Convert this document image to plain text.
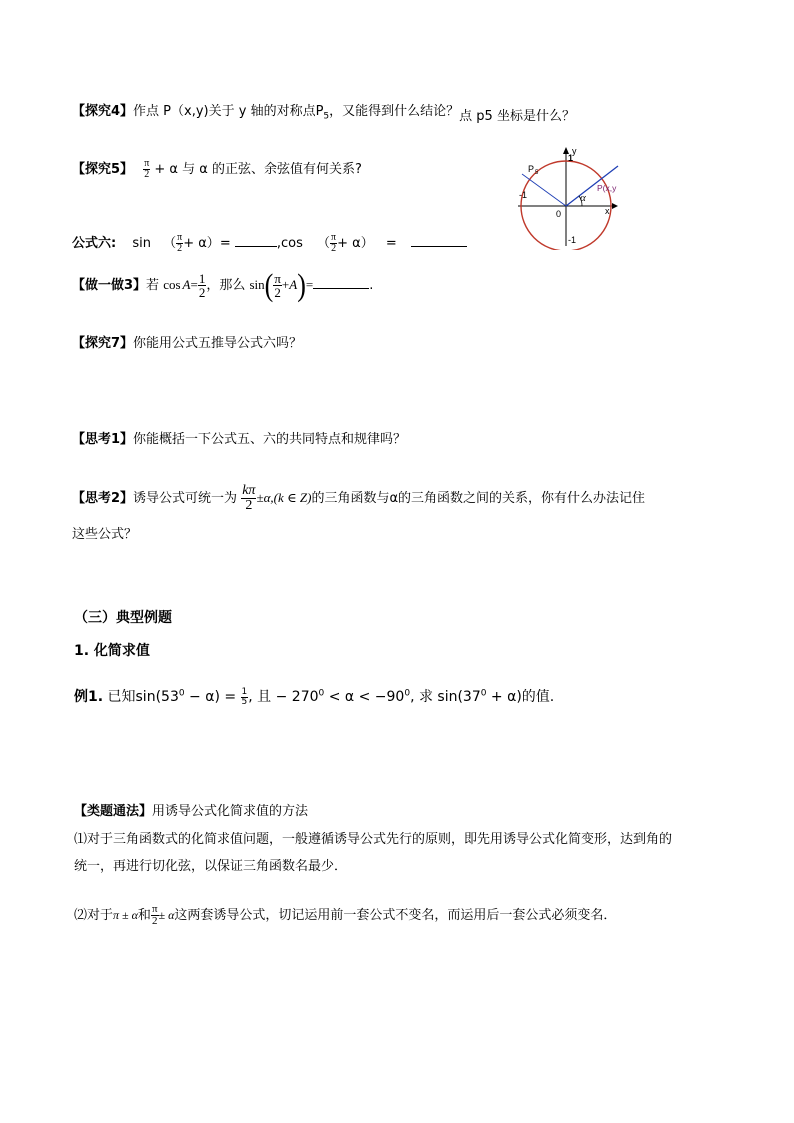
【探究4】作点 P（x,y)关于 y 轴的对称点$P_5$，又能得到什么结论？点 p5 坐标是什么？
【探究5】 $\frac{\pi}{2} + \alpha$ 与 α 的正弦、余弦值有何关系?
y
x
1
-1
-1
0
α
P 5
P(x,y
公式六: sin （ $\frac{\pi}{2} + \alpha)=$	,cos （ $\frac{\pi}{2} + \alpha$） =
【做一做3】若 $\cos A= \frac{1}{2}$ ，那么 $\sin( \frac{\pi}{2} +A)=$	.
【探究7】你能用公式五推导公式六吗？
【思考1】你能概括一下公式五、六的共同特点和规律吗？
【思考2】诱导公式可统一为 $\frac{k\pi}{2} \pm\alpha,(k$ ∈ Z)的三角函数与α的三角函数之间的关系，你有什么办法记住
这些公式？
（三）典型例题
1. 化简求值
例1. 已知$\sin(53^0 - \alpha) = \frac{1}{5}$ , 且 − $270^0 < \alpha < -90^0$, 求 $\sin(37^0 + \alpha)$的值.
【类题通法】用诱导公式化简求值的方法
⑴对于三角函数式的化简求值问题，一般遵循诱导公式先行的原则，即先用诱导公式化简变形，达到角的
统一，再进行切化弦，以保证三角函数名最少．
⑵对于π ± α和 $\frac{\pi}{2} \pm \alpha$这两套诱导公式，切记运用前一套公式不变名，而运用后一套公式必须变名．
